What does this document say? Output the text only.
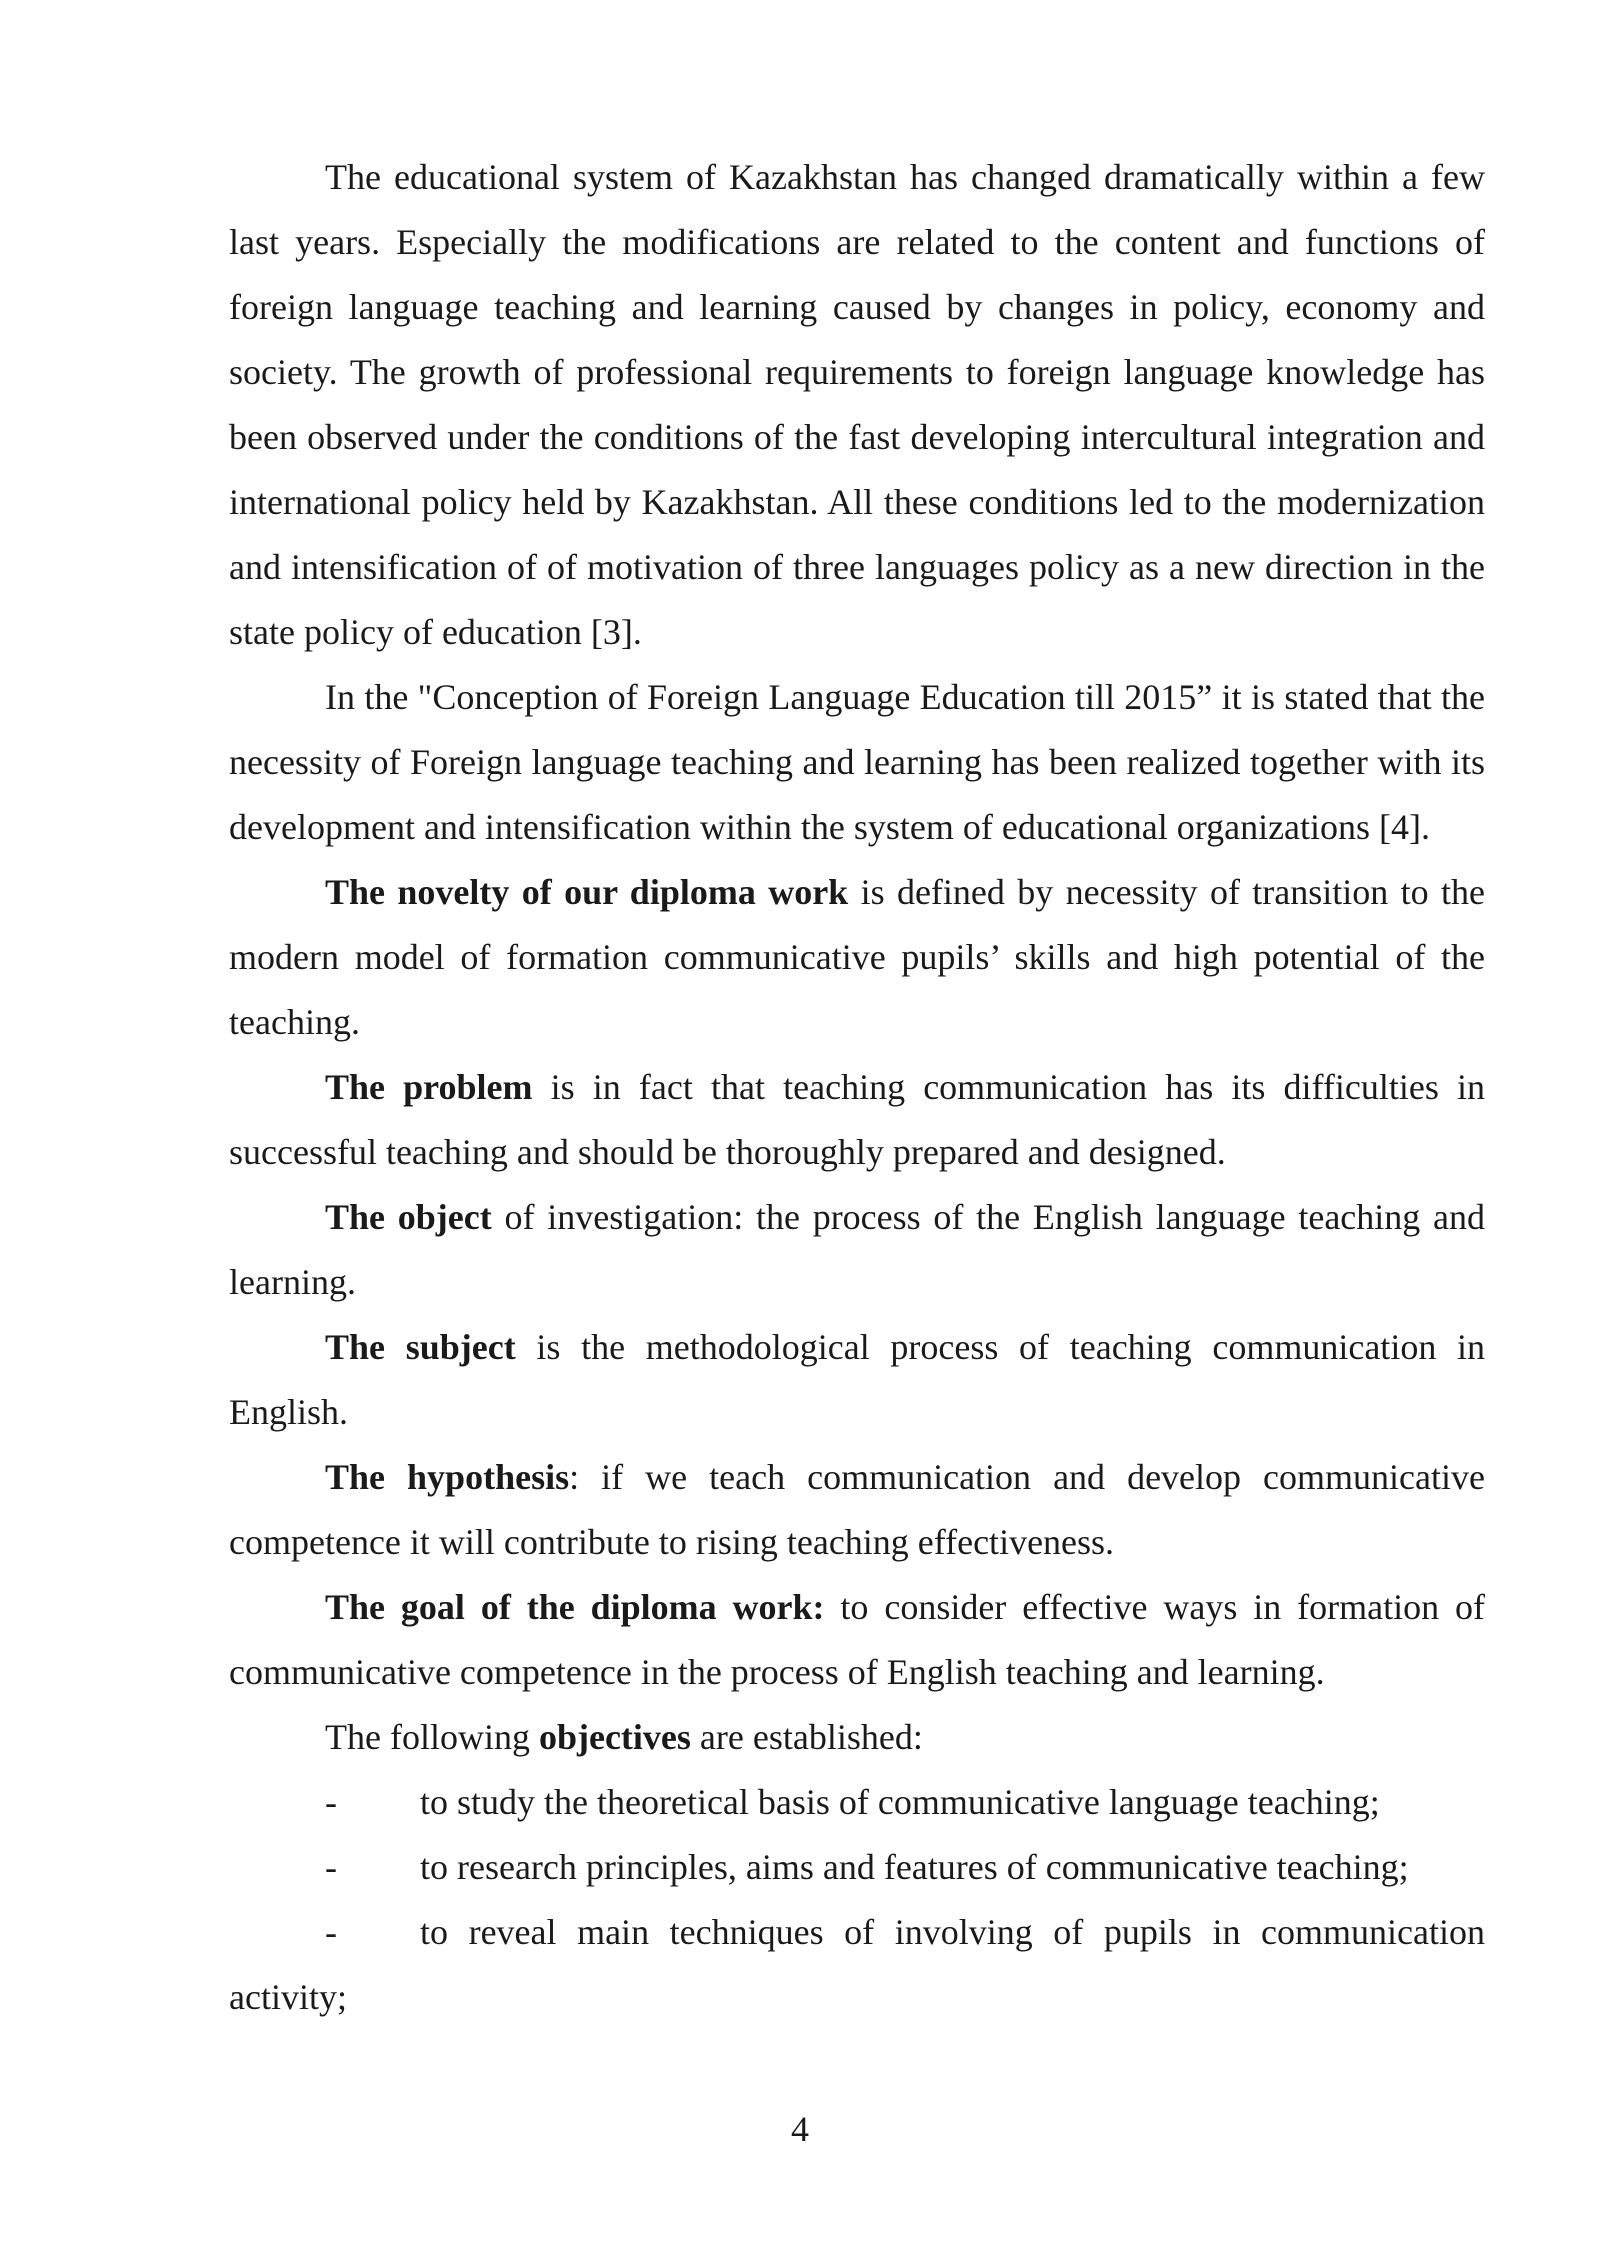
The educational system of Kazakhstan has changed dramatically within a few last years. Especially the modifications are related to the content and functions of foreign language teaching and learning caused by changes in policy, economy and society. The growth of professional requirements to foreign language knowledge has been observed under the conditions of the fast developing intercultural integration and international policy held by Kazakhstan. All these conditions led to the modernization and intensification of of motivation of three languages policy as a new direction in the state policy of education [3].

In the "Conception of Foreign Language Education till 2015” it is stated that the necessity of Foreign language teaching and learning has been realized together with its development and intensification within the system of educational organizations [4].

The novelty of our diploma work is defined by necessity of transition to the modern model of formation communicative pupils’ skills and high potential of the teaching.

The problem is in fact that teaching communication has its difficulties in successful teaching and should be thoroughly prepared and designed.

The object of investigation: the process of the English language teaching and learning.

The subject is the methodological process of teaching communication in English.

The hypothesis: if we teach communication and develop communicative competence it will contribute to rising teaching effectiveness.

The goal of the diploma work: to consider effective ways in formation of communicative competence in the process of English teaching and learning.

The following objectives are established:

-	to study the theoretical basis of communicative language teaching;
-	to research principles, aims and features of communicative teaching;
-	to reveal main techniques of involving of pupils in communication activity;
4
